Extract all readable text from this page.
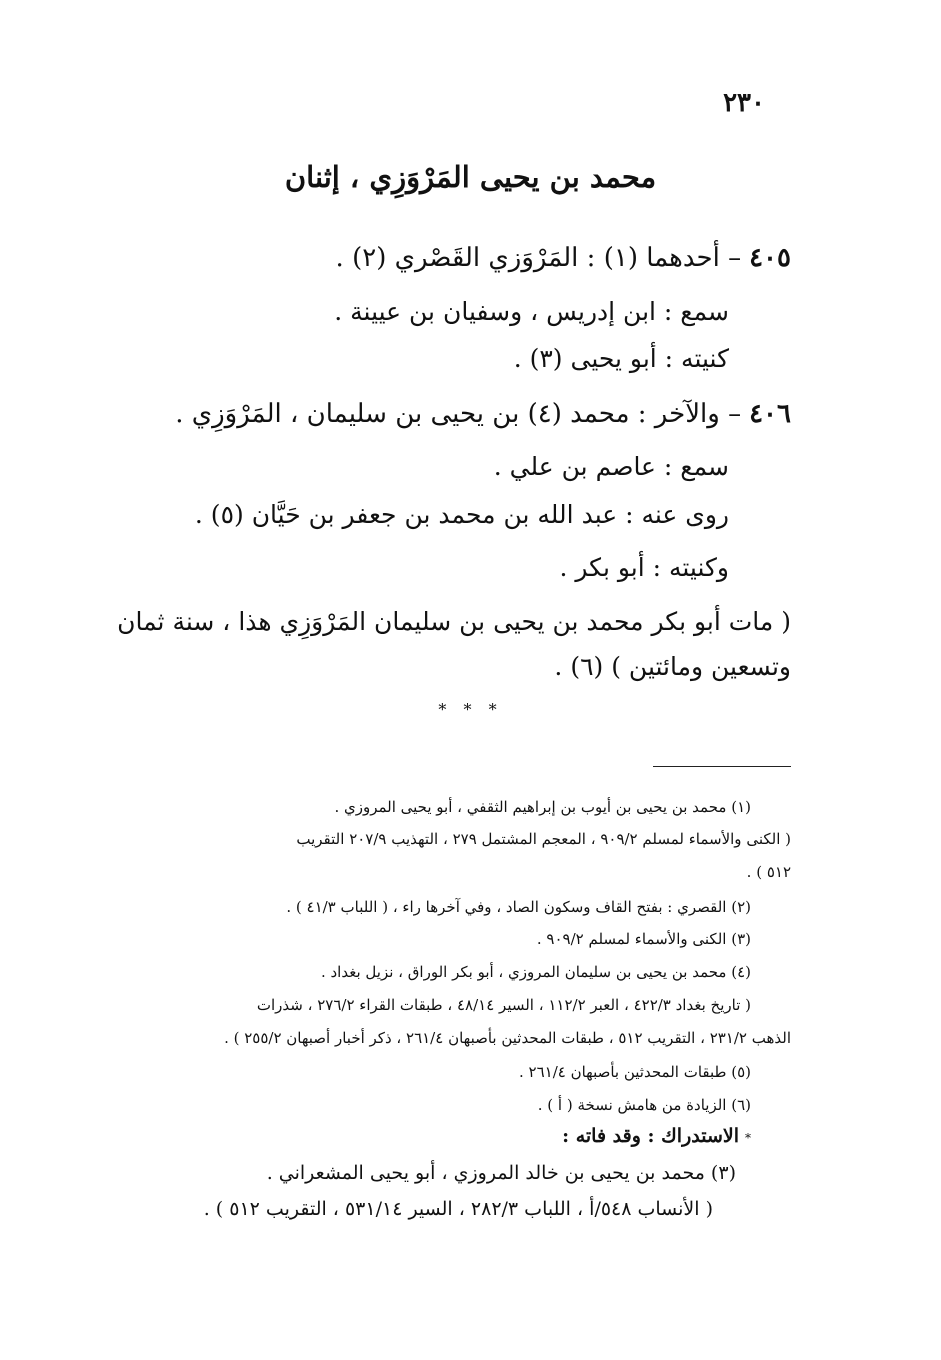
٢٣٠
محمد بن يحيى المَرْوَزِي ، إثنان
٤٠٥– أحدهما (١) : المَرْوَزي القَصْري (٢) .
سمع : ابن إدريس ، وسفيان بن عيينة .
كنيته : أبو يحيى (٣) .
٤٠٦– والآخر : محمد (٤) بن يحيى بن سليمان ، المَرْوَزِي .
سمع : عاصم بن علي .
روى عنه : عبد الله بن محمد بن جعفر بن حَيَّان (٥) .
وكنيته : أبو بكر .
( مات أبو بكر محمد بن يحيى بن سليمان المَرْوَزِي هذا ، سنة ثمان
وتسعين ومائتين ) (٦) .
* * *
(١) محمد بن يحيى بن أيوب بن إبراهيم الثقفي ، أبو يحيى المروزي .
( الكنى والأسماء لمسلم ٩٠٩/٢ ، المعجم المشتمل ٢٧٩ ، التهذيب ٢٠٧/٩ التقريب
٥١٢ ) .
(٢) القصري : بفتح القاف وسكون الصاد ، وفي آخرها راء ، ( اللباب ٤١/٣ ) .
(٣) الكنى والأسماء لمسلم ٩٠٩/٢ .
(٤) محمد بن يحيى بن سليمان المروزي ، أبو بكر الوراق ، نزيل بغداد .
( تاريخ بغداد ٤٢٢/٣ ، العبر ١١٢/٢ ، السير ٤٨/١٤ ، طبقات القراء ٢٧٦/٢ ، شذرات
الذهب ٢٣١/٢ ، التقريب ٥١٢ ، طبقات المحدثين بأصبهان ٢٦١/٤ ، ذكر أخبار أصبهان ٢٥٥/٢ ) .
(٥) طبقات المحدثين بأصبهان ٢٦١/٤ .
(٦) الزيادة من هامش نسخة ( أ ) .
*الاستدراك : وقد فاته :
(٣) محمد بن يحيى بن خالد المروزي ، أبو يحيى المشعراني .
( الأنساب ٥٤٨/أ ، اللباب ٢٨٢/٣ ، السير ٥٣١/١٤ ، التقريب ٥١٢ ) .
